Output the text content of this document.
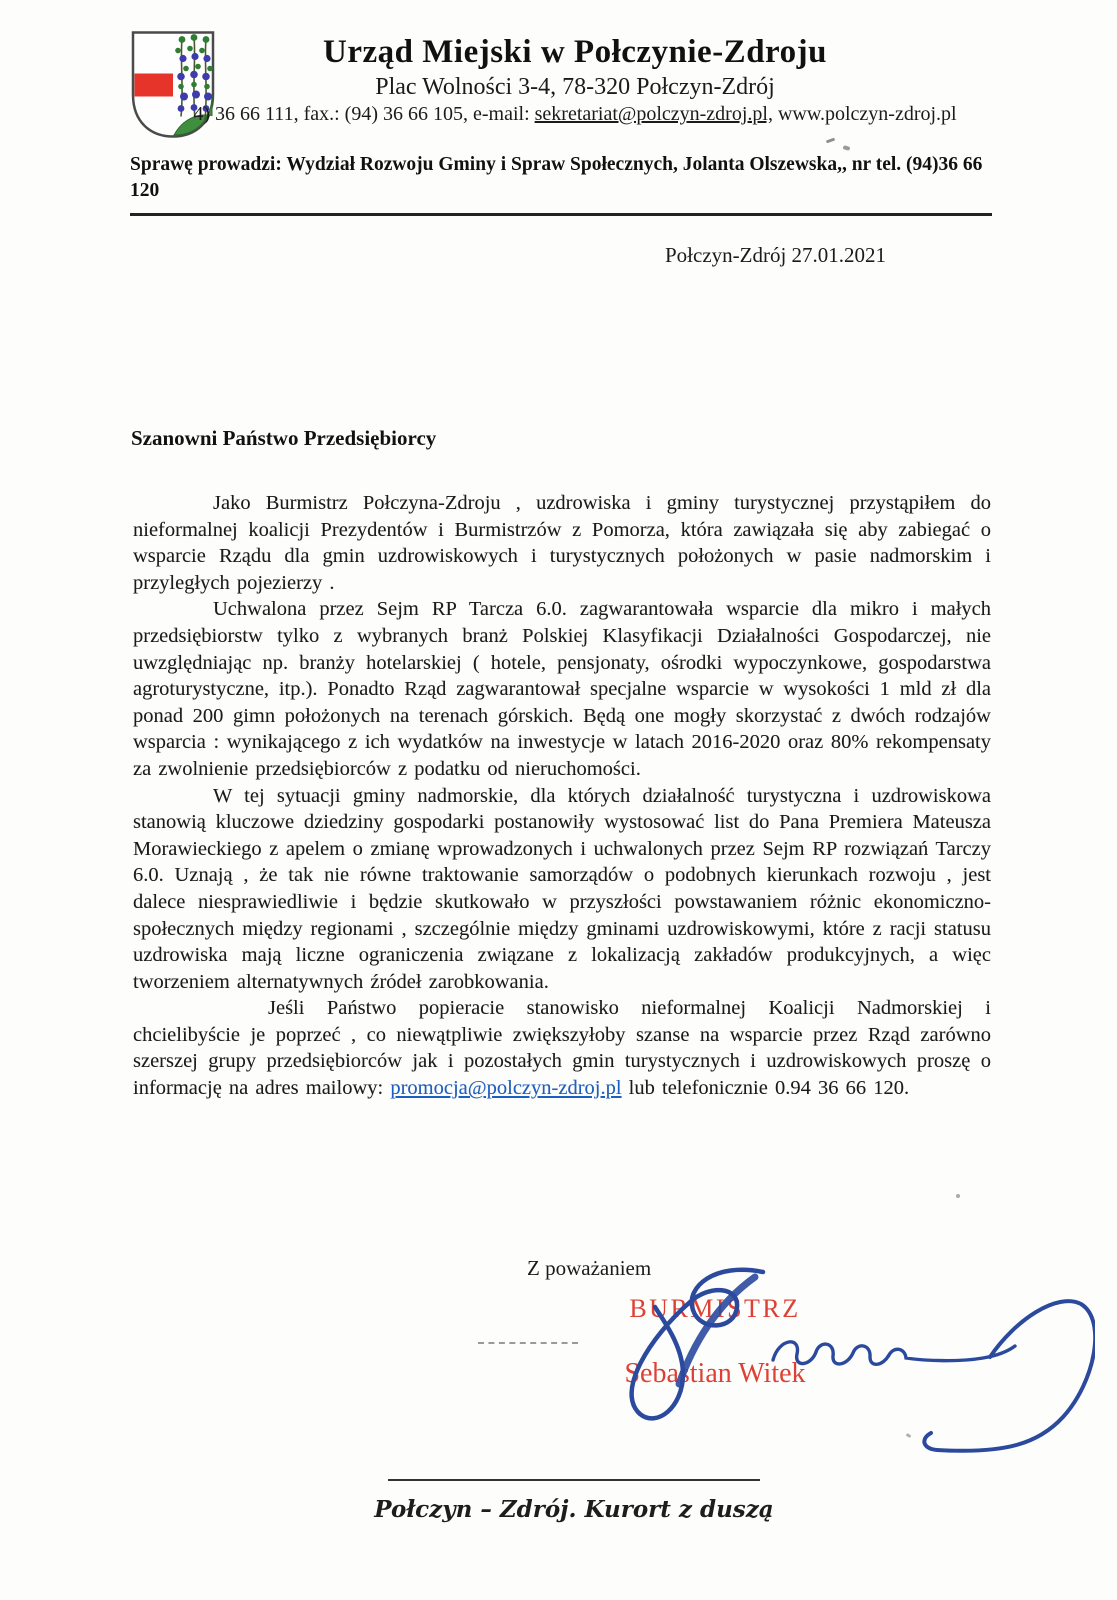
Urząd Miejski w Połczynie-Zdroju
Plac Wolności 3-4, 78-320 Połczyn-Zdrój
4) 36 66 111, fax.: (94) 36 66 105, e-mail: sekretariat@polczyn-zdroj.pl, www.polczyn-zdroj.pl
Sprawę prowadzi: Wydział Rozwoju Gminy i Spraw Społecznych, Jolanta Olszewska,, nr tel. (94)36 66 120
Połczyn-Zdrój 27.01.2021
Szanowni Państwo Przedsiębiorcy

Jako Burmistrz Połczyna-Zdroju , uzdrowiska i gminy turystycznej przystąpiłem do nieformalnej koalicji Prezydentów i Burmistrzów z Pomorza, która zawiązała się aby zabiegać o wsparcie Rządu dla gmin uzdrowiskowych i turystycznych położonych w pasie nadmorskim i przyległych pojezierzy .

Uchwalona przez Sejm RP Tarcza 6.0. zagwarantowała wsparcie dla mikro i małych przedsiębiorstw tylko z wybranych branż Polskiej Klasyfikacji Działalności Gospodarczej, nie uwzględniając np. branży hotelarskiej ( hotele, pensjonaty, ośrodki wypoczynkowe, gospodarstwa agroturystyczne, itp.). Ponadto Rząd zagwarantował specjalne wsparcie w wysokości 1 mld zł dla ponad 200 gimn położonych na terenach górskich. Będą one mogły skorzystać z dwóch rodzajów wsparcia : wynikającego z ich wydatków na inwestycje w latach 2016-2020 oraz 80% rekompensaty za zwolnienie przedsiębiorców z podatku od nieruchomości.

W tej sytuacji gminy nadmorskie, dla których działalność turystyczna i uzdrowiskowa stanowią kluczowe dziedziny gospodarki postanowiły wystosować list do Pana Premiera Mateusza Morawieckiego z apelem o zmianę wprowadzonych i uchwalonych przez Sejm RP rozwiązań Tarczy 6.0. Uznają , że tak nie równe traktowanie samorządów o podobnych kierunkach rozwoju , jest dalece niesprawiedliwie i będzie skutkowało w przyszłości powstawaniem różnic ekonomiczno-społecznych między regionami , szczególnie między gminami uzdrowiskowymi, które z racji statusu uzdrowiska mają liczne ograniczenia związane z lokalizacją zakładów produkcyjnych, a więc tworzeniem alternatywnych źródeł zarobkowania.

Jeśli Państwo popieracie stanowisko nieformalnej Koalicji Nadmorskiej i chcielibyście je poprzeć , co niewątpliwie zwiększyłoby szanse na wsparcie przez Rząd zarówno szerszej grupy przedsiębiorców jak i pozostałych gmin turystycznych i uzdrowiskowych proszę o informację na adres mailowy: promocja@polczyn-zdroj.pl lub telefonicznie 0.94 36 66 120.

Z poważaniem
BURMISTRZ
Sebastian Witek
Połczyn – Zdrój. Kurort z duszą
